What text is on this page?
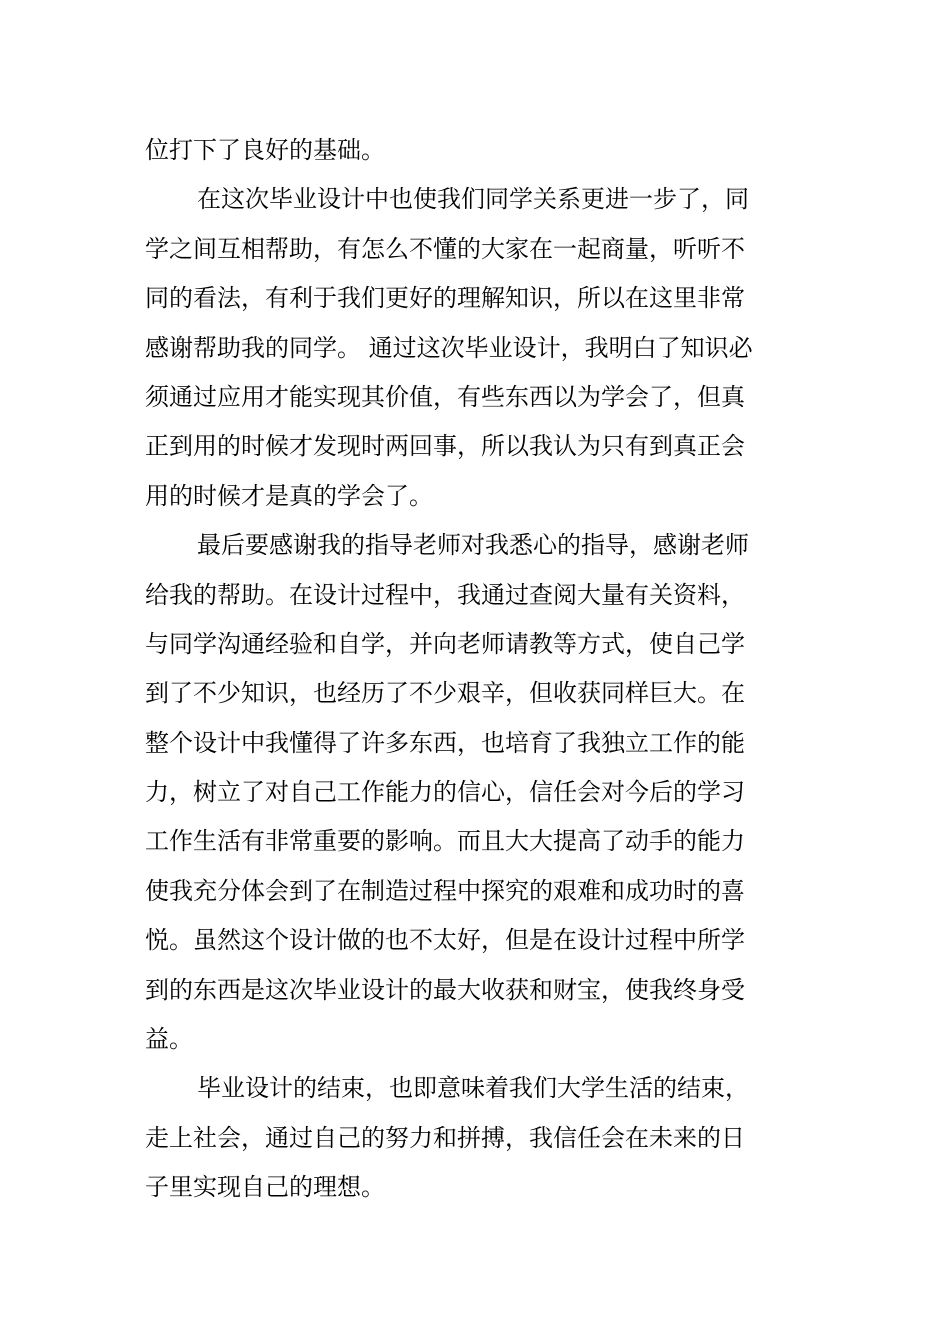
位打下了良好的基础。
在这次毕业设计中也使我们同学关系更进一步了，同
学之间互相帮助，有怎么不懂的大家在一起商量，听听不
同的看法，有利于我们更好的理解知识，所以在这里非常
感谢帮助我的同学。 通过这次毕业设计，我明白了知识必
须通过应用才能实现其价值，有些东西以为学会了，但真
正到用的时候才发现时两回事，所以我认为只有到真正会
用的时候才是真的学会了。
最后要感谢我的指导老师对我悉心的指导，感谢老师
给我的帮助。在设计过程中，我通过查阅大量有关资料，
与同学沟通经验和自学，并向老师请教等方式，使自己学
到了不少知识，也经历了不少艰辛，但收获同样巨大。在
整个设计中我懂得了许多东西，也培育了我独立工作的能
力，树立了对自己工作能力的信心，信任会对今后的学习
工作生活有非常重要的影响。而且大大提高了动手的能力
使我充分体会到了在制造过程中探究的艰难和成功时的喜
悦。虽然这个设计做的也不太好，但是在设计过程中所学
到的东西是这次毕业设计的最大收获和财宝，使我终身受
益。
毕业设计的结束，也即意味着我们大学生活的结束，
走上社会，通过自己的努力和拼搏，我信任会在未来的日
子里实现自己的理想。
